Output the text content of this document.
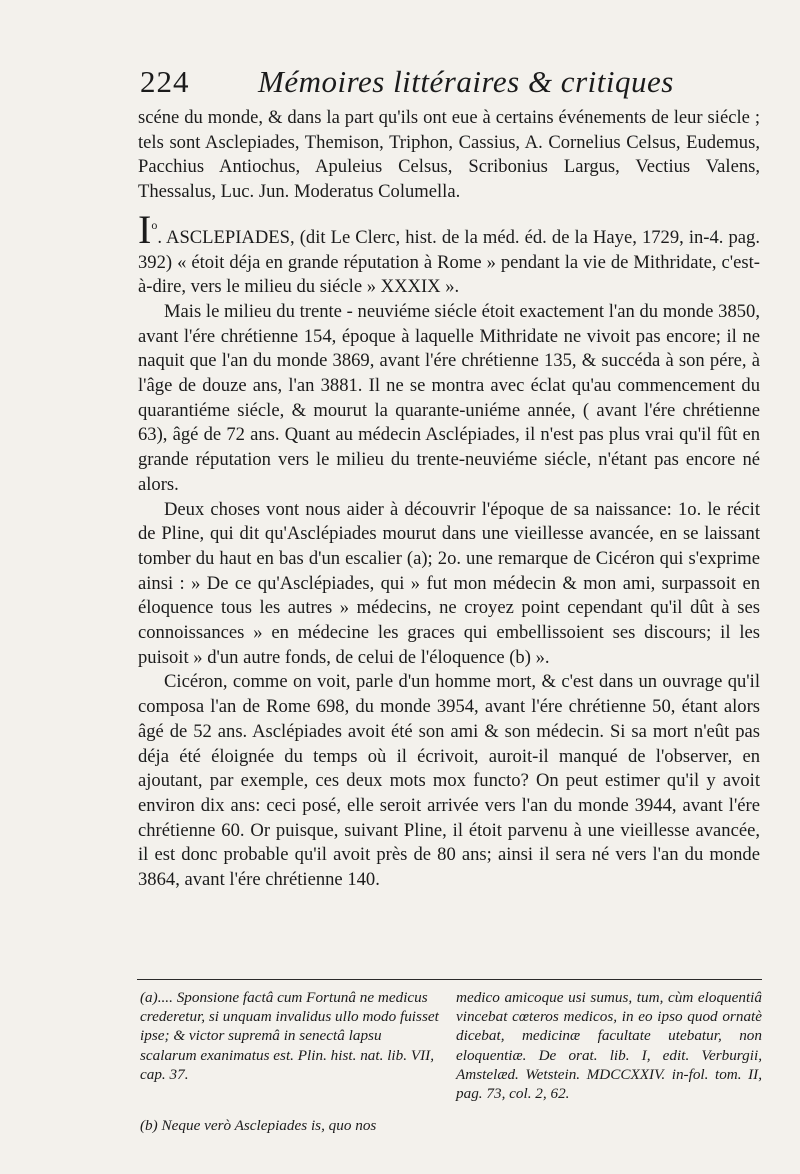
224 Mémoires littéraires & critiques

scéne du monde, & dans la part qu'ils ont eue à certains événements de leur siécle ; tels sont Asclepiades, Themison, Triphon, Cassius, A. Cornelius Celsus, Eudemus, Pacchius Antiochus, Apuleius Celsus, Scribonius Largus, Vectius Valens, Thessalus, Luc. Jun. Moderatus Columella.

$I^o$. ASCLEPIADES, (dit Le Clerc, hist. de la méd. éd. de la Haye, 1729, in-4. pag. 392) « étoit déja en grande réputation à Rome » pendant la vie de Mithridate, c'est-à-dire, vers le milieu du siécle » XXXIX ».

Mais le milieu du trente - neuviéme siécle étoit exactement l'an du monde 3850, avant l'ére chrétienne 154, époque à laquelle Mithridate ne vivoit pas encore; il ne naquit que l'an du monde 3869, avant l'ére chrétienne 135, & succéda à son pére, à l'âge de douze ans, l'an 3881. Il ne se montra avec éclat qu'au commencement du quarantiéme siécle, & mourut la quarante-uniéme année, ( avant l'ére chrétienne 63), âgé de 72 ans. Quant au médecin Asclépiades, il n'est pas plus vrai qu'il fût en grande réputation vers le milieu du trente-neuviéme siécle, n'étant pas encore né alors.

Deux choses vont nous aider à découvrir l'époque de sa naissance: 1o. le récit de Pline, qui dit qu'Asclépiades mourut dans une vieillesse avancée, en se laissant tomber du haut en bas d'un escalier (a); 2o. une remarque de Cicéron qui s'exprime ainsi : » De ce qu'Asclépiades, qui » fut mon médecin & mon ami, surpassoit en éloquence tous les autres » médecins, ne croyez point cependant qu'il dût à ses connoissances » en médecine les graces qui embellissoient ses discours; il les puisoit » d'un autre fonds, de celui de l'éloquence (b) ».

Cicéron, comme on voit, parle d'un homme mort, & c'est dans un ouvrage qu'il composa l'an de Rome 698, du monde 3954, avant l'ére chrétienne 50, étant alors âgé de 52 ans. Asclépiades avoit été son ami & son médecin. Si sa mort n'eût pas déja été éloignée du temps où il écrivoit, auroit-il manqué de l'observer, en ajoutant, par exemple, ces deux mots mox functo? On peut estimer qu'il y avoit environ dix ans: ceci posé, elle seroit arrivée vers l'an du monde 3944, avant l'ére chrétienne 60. Or puisque, suivant Pline, il étoit parvenu à une vieillesse avancée, il est donc probable qu'il avoit près de 80 ans; ainsi il sera né vers l'an du monde 3864, avant l'ére chrétienne 140.

(a).... Sponsione factâ cum Fortunâ ne medicus crederetur, si unquam invalidus ullo modo fuisset ipse; & victor supremâ in senectâ lapsu scalarum exanimatus est. Plin. hist. nat. lib. VII, cap. 37.

medico amicoque usi sumus, tum, cùm eloquentiâ vincebat cœteros medicos, in eo ipso quod ornatè dicebat, medicinæ facultate utebatur, non eloquentiæ. De orat. lib. I, edit. Verburgii, Amstelæd. Wetstein. MDCCXXIV. in-fol. tom. II, pag. 73, col. 2, 62.

(b) Neque verò Asclepiades is, quo nos
